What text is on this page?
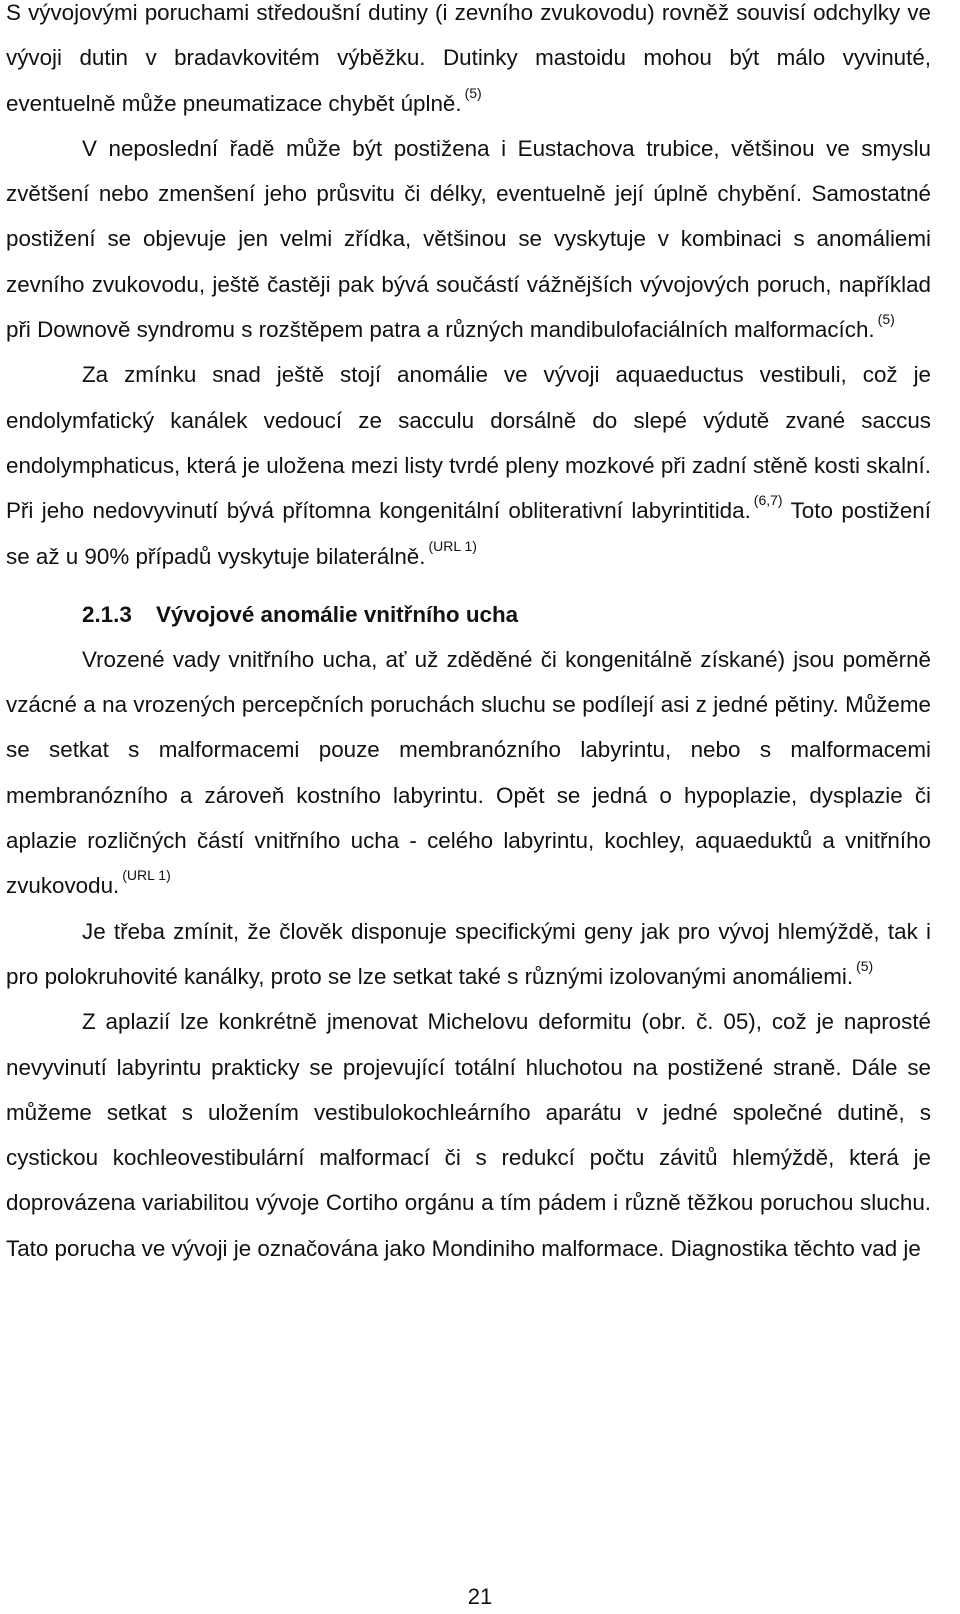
S vývojovými poruchami středoušní dutiny (i zevního zvukovodu) rovněž souvisí odchylky ve vývoji dutin v bradavkovitém výběžku. Dutinky mastoidu mohou být málo vyvinuté, eventuelně může pneumatizace chybět úplně. $^{(5)}$

V neposlední řadě může být postižena i Eustachova trubice, většinou ve smyslu zvětšení nebo zmenšení jeho průsvitu či délky, eventuelně její úplně chybění. Samostatné postižení se objevuje jen velmi zřídka, většinou se vyskytuje v kombinaci s anomáliemi zevního zvukovodu, ještě častěji pak bývá součástí vážnějších vývojových poruch, například při Downově syndromu s rozštěpem patra a různých mandibulofaciálních malformacích. $^{(5)}$

Za zmínku snad ještě stojí anomálie ve vývoji aquaeductus vestibuli, což je endolymfatický kanálek vedoucí ze sacculu dorsálně do slepé výdutě zvané saccus endolymphaticus, která je uložena mezi listy tvrdé pleny mozkové při zadní stěně kosti skalní. Při jeho nedovyvinutí bývá přítomna kongenitální obliterativní labyrintitida. $^{(6,7)}$ Toto postižení se až u 90% případů vyskytuje bilaterálně. $^{(URL 1)}$

2.1.3 Vývojové anomálie vnitřního ucha

Vrozené vady vnitřního ucha, ať už zděděné či kongenitálně získané) jsou poměrně vzácné a na vrozených percepčních poruchách sluchu se podílejí asi z jedné pětiny. Můžeme se setkat s malformacemi pouze membranózního labyrintu, nebo s malformacemi membranózního a zároveň kostního labyrintu. Opět se jedná o hypoplazie, dysplazie či aplazie rozličných částí vnitřního ucha - celého labyrintu, kochley, aquaeduktů a vnitřního zvukovodu. $^{(URL 1)}$

Je třeba zmínit, že člověk disponuje specifickými geny jak pro vývoj hlemýždě, tak i pro polokruhovité kanálky, proto se lze setkat také s různými izolovanými anomáliemi. $^{(5)}$

Z aplazií lze konkrétně jmenovat Michelovu deformitu (obr. č. 05), což je naprosté nevyvinutí labyrintu prakticky se projevující totální hluchotou na postižené straně. Dále se můžeme setkat s uložením vestibulokochleárního aparátu v jedné společné dutině, s cystickou kochleovestibulární malformací či s redukcí počtu závitů hlemýždě, která je doprovázena variabilitou vývoje Cortiho orgánu a tím pádem i různě těžkou poruchou sluchu. Tato porucha ve vývoji je označována jako Mondiniho malformace. Diagnostika těchto vad je

21
